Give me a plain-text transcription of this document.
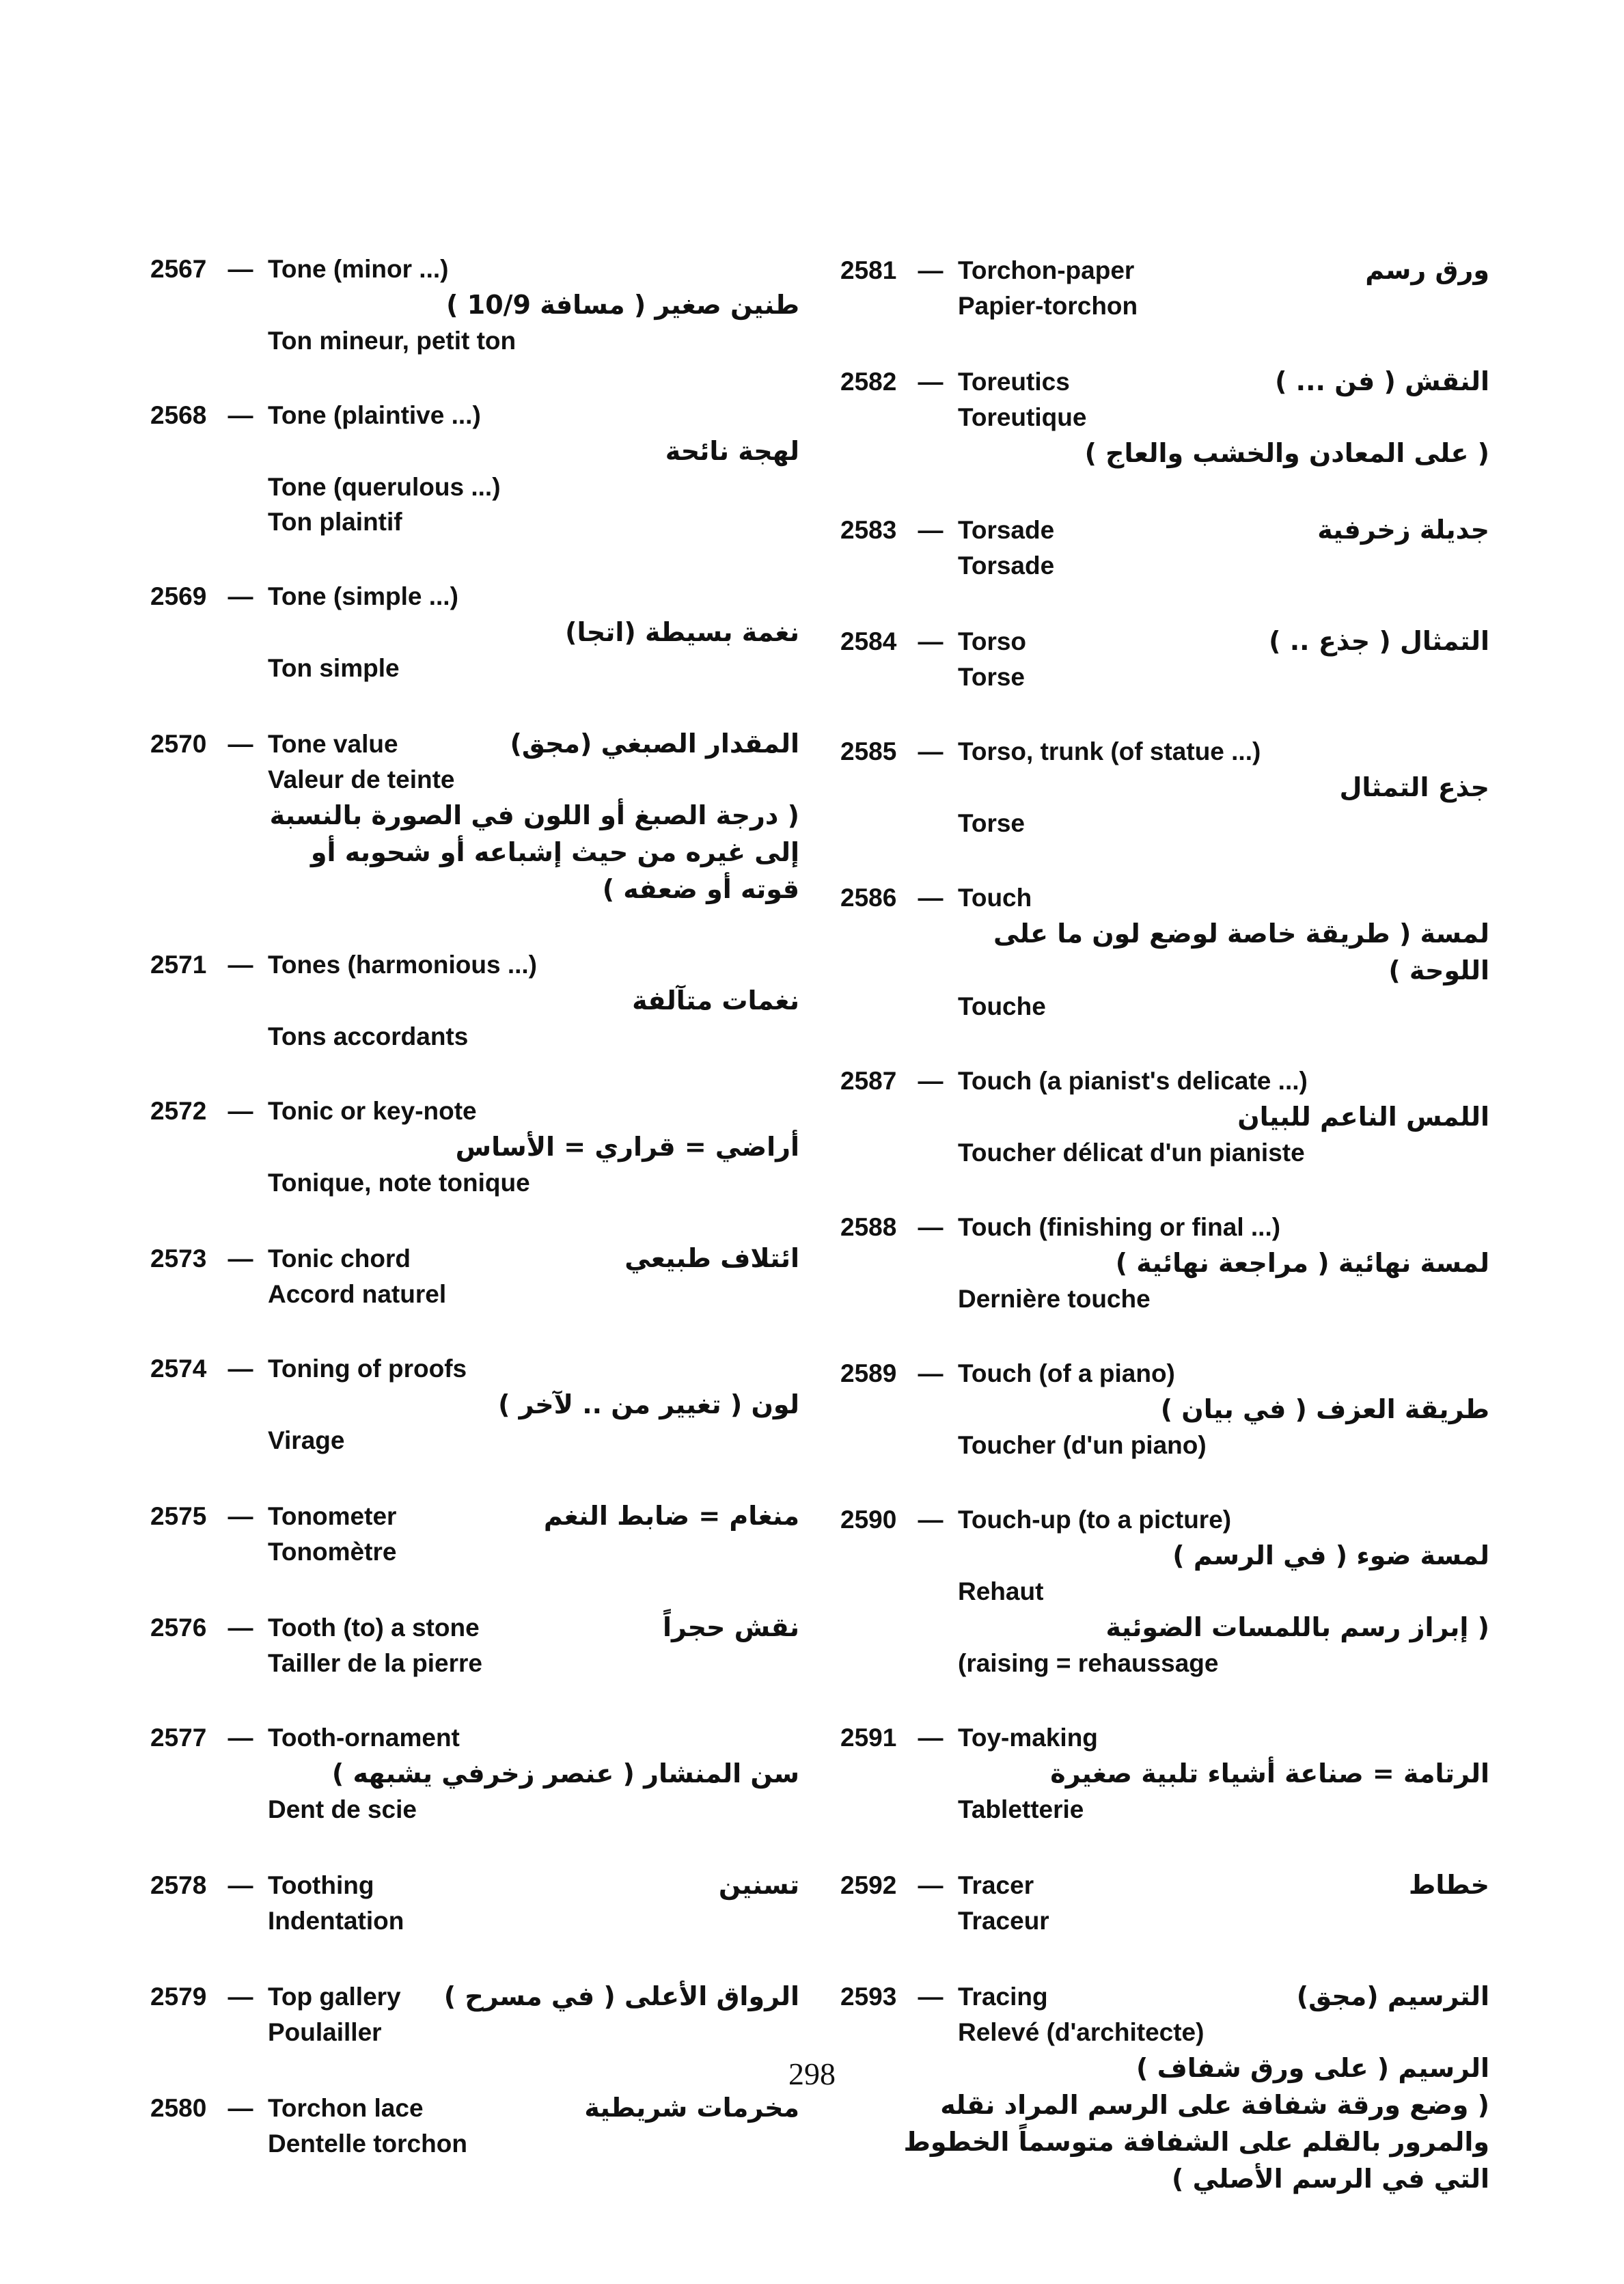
2567 — Tone (minor ...)
طنين صغير ( مسافة 10/9 )
Ton mineur, petit ton
2568 — Tone (plaintive ...)
لهجة نائحة
Tone (querulous ...)
Ton plaintif
2569 — Tone (simple ...)
نغمة بسيطة (اتجا)
Ton simple
2570 — Tone value	المقدار الصبغي (مجق)
Valeur de teinte
( درجة الصبغ أو اللون في الصورة بالنسبة
إلى غيره من حيث إشباعه أو شحوبه أو
قوته أو ضعفه )
2571 — Tones (harmonious ...)
نغمات متآلفة
Tons accordants
2572 — Tonic or key-note
أراضي = قراري = الأساس
Tonique, note tonique
2573 — Tonic chord	ائتلاف طبيعي
Accord naturel
2574 — Toning of proofs
لون ( تغيير من .. لآخر )
Virage
2575 — Tonometer	منغام = ضابط النغم
Tonomètre
2576 — Tooth (to) a stone	نقش حجراً
Tailler de la pierre
2577 — Tooth-ornament
سن المنشار ( عنصر زخرفي يشبهه )
Dent de scie
2578 — Toothing	تسنين
Indentation
2579 — Top gallery الرواق الأعلى ( في مسرح )
Poulailler
2580 — Torchon lace	مخرمات شريطية
Dentelle torchon
2581 — Torchon-paper	ورق رسم
Papier-torchon
2582 — Toreutics	النقش ( فن ... )
Toreutique
( على المعادن والخشب والعاج )
2583 — Torsade	جديلة زخرفية
Torsade
2584 — Torso	التمثال ( جذع .. )
Torse
2585 — Torso, trunk (of statue ...)
جذع التمثال
Torse
2586 — Touch
لمسة ( طريقة خاصة لوضع لون ما على
اللوحة )
Touche
2587 — Touch (a pianist's delicate ...)
اللمس الناعم للبيان
Toucher délicat d'un pianiste
2588 — Touch (finishing or final ...)
لمسة نهائية ( مراجعة نهائية )
Dernière touche
2589 — Touch (of a piano)
طريقة العزف ( في بيان )
Toucher (d'un piano)
2590 — Touch-up (to a picture)
لمسة ضوء ( في الرسم )
Rehaut
( إبراز رسم باللمسات الضوئية
(raising = rehaussage
2591 — Toy-making
الرتامة = صناعة أشياء تلبية صغيرة
Tabletterie
2592 — Tracer	خطاط
Traceur
2593 — Tracing	الترسيم (مجق)
Relevé (d'architecte)
الرسيم ( على ورق شفاف )
( وضع ورقة شفافة على الرسم المراد نقله
والمرور بالقلم على الشفافة متوسماً الخطوط
التي في الرسم الأصلي )
298
